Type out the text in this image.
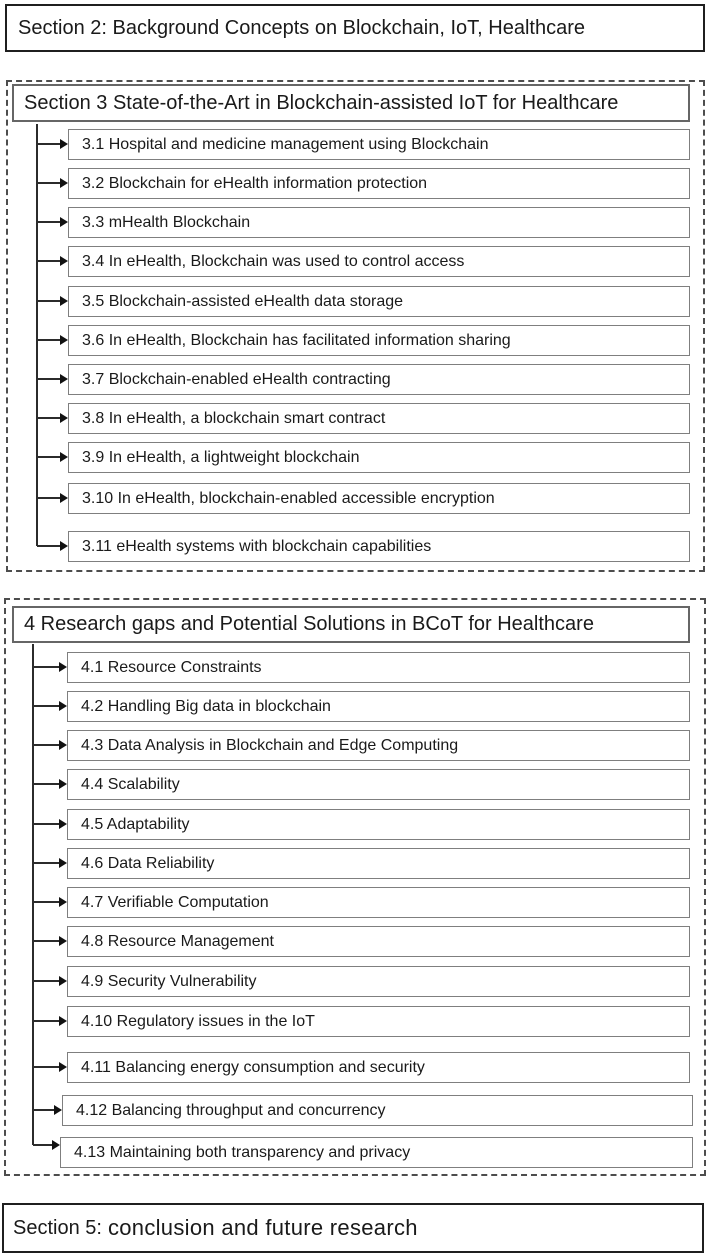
Section 2: Background Concepts on Blockchain, IoT, Healthcare
Section 3 State-of-the-Art in Blockchain-assisted IoT for Healthcare
3.1 Hospital and medicine management using Blockchain
3.2 Blockchain for eHealth information protection
3.3 mHealth Blockchain
3.4 In eHealth, Blockchain was used to control access
3.5 Blockchain-assisted eHealth data storage
3.6 In eHealth, Blockchain has facilitated information sharing
3.7 Blockchain-enabled eHealth contracting
3.8 In eHealth, a blockchain smart contract
3.9 In eHealth, a lightweight blockchain
3.10 In eHealth, blockchain-enabled accessible encryption
3.11 eHealth systems with blockchain capabilities
4 Research gaps and Potential Solutions in BCoT for Healthcare
4.1 Resource Constraints
4.2 Handling Big data in blockchain
4.3 Data Analysis in Blockchain and Edge Computing
4.4 Scalability
4.5 Adaptability
4.6 Data Reliability
4.7 Verifiable Computation
4.8 Resource Management
4.9 Security Vulnerability
4.10 Regulatory issues in the IoT
4.11 Balancing energy consumption and security
4.12 Balancing throughput and concurrency
4.13 Maintaining both transparency and privacy
Section 5: conclusion and future research
